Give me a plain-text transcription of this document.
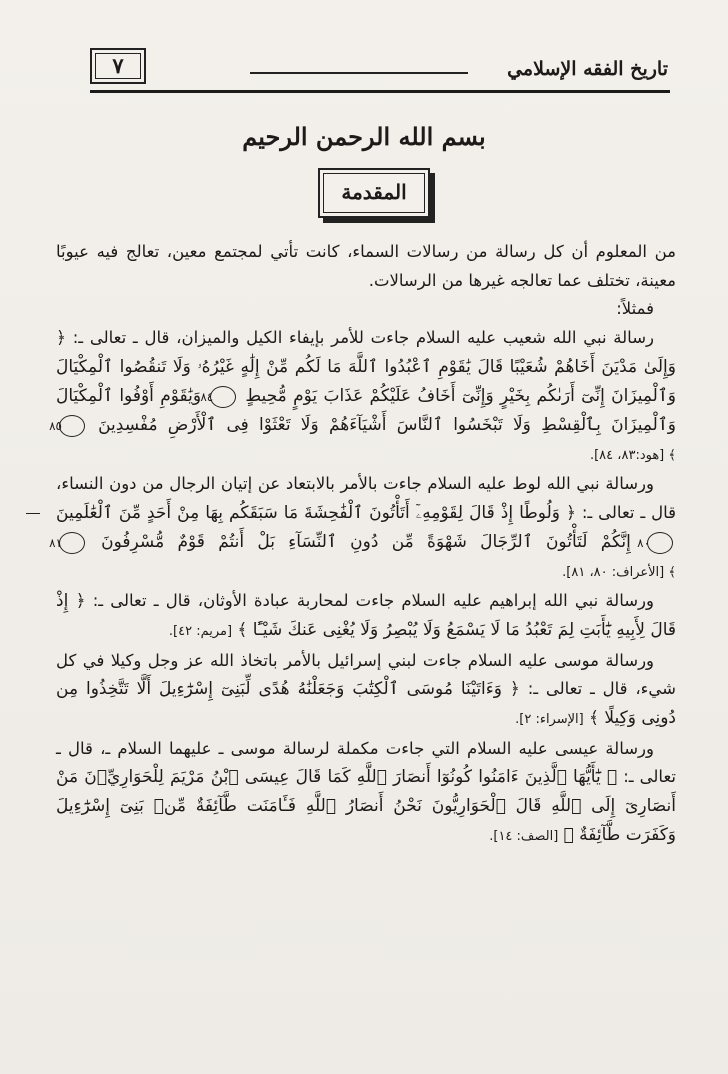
٧	تاريخ الفقه الإسلامي
بسم الله الرحمن الرحيم
المقدمة

من المعلوم أن كل رسالة من رسالات السماء، كانت تأتي لمجتمع معين، تعالج فيه عيوبًا معينة، تختلف عما تعالجه غيرها من الرسالات.

فمثلاً:

رسالة نبي الله شعيب عليه السلام جاءت للأمر بإيفاء الكيل والميزان، قال ـ تعالى ـ: ﴿ وَإِلَىٰ مَدْيَنَ أَخَاهُمْ شُعَيْبًا قَالَ يَٰقَوْمِ ٱعْبُدُوا ٱللَّهَ مَا لَكُم مِّنْ إِلَٰهٍ غَيْرُهُۥ وَلَا تَنقُصُوا ٱلْمِكْيَالَ وَٱلْمِيزَانَ إِنِّىٓ أَرَىٰكُم بِخَيْرٍ وَإِنِّىٓ أَخَافُ عَلَيْكُمْ عَذَابَ يَوْمٍ مُّحِيطٍ ٨٤ وَيَٰقَوْمِ أَوْفُوا ٱلْمِكْيَالَ وَٱلْمِيزَانَ بِٱلْقِسْطِ وَلَا تَبْخَسُوا ٱلنَّاسَ أَشْيَآءَهُمْ وَلَا تَعْثَوْا فِى ٱلْأَرْضِ مُفْسِدِينَ ٨٥ ﴾ [هود:٨٣، ٨٤].

ورسالة نبي الله لوط عليه السلام جاءت بالأمر بالابتعاد عن إتيان الرجال من دون النساء، قال ـ تعالى ـ: ﴿ وَلُوطًا إِذْ قَالَ لِقَوْمِهِۦٓ أَتَأْتُونَ ٱلْفَٰحِشَةَ مَا سَبَقَكُم بِهَا مِنْ أَحَدٍ مِّنَ ٱلْعَٰلَمِينَ ٨٠ إِنَّكُمْ لَتَأْتُونَ ٱلرِّجَالَ شَهْوَةً مِّن دُونِ ٱلنِّسَآءِ بَلْ أَنتُمْ قَوْمٌ مُّسْرِفُونَ ٨١ ﴾ [الأعراف: ٨٠، ٨١].

ورسالة نبي الله إبراهيم عليه السلام جاءت لمحاربة عبادة الأوثان، قال ـ تعالى ـ: ﴿ إِذْ قَالَ لِأَبِيهِ يَٰٓأَبَتِ لِمَ تَعْبُدُ مَا لَا يَسْمَعُ وَلَا يُبْصِرُ وَلَا يُغْنِى عَنكَ شَيْـًٔا ﴾ [مريم: ٤٢].

ورسالة موسى عليه السلام جاءت لبني إسرائيل بالأمر باتخاذ الله عز وجل وكيلا في كل شيء، قال ـ تعالى ـ: ﴿ وَءَاتَيْنَا مُوسَى ٱلْكِتَٰبَ وَجَعَلْنَٰهُ هُدًى لِّبَنِىٓ إِسْرَٰٓءِيلَ أَلَّا تَتَّخِذُوا مِن دُونِى وَكِيلًا ﴾ [الإسراء: ٢].

ورسالة عيسى عليه السلام التي جاءت مكملة لرسالة موسى ـ عليهما السلام ـ، قال ـ تعالى ـ: ﴿ يَٰٓأَيُّهَا ٱلَّذِينَ ءَامَنُوا كُونُوٓا أَنصَارَ ٱللَّهِ كَمَا قَالَ عِيسَى ٱبْنُ مَرْيَمَ لِلْحَوَارِيِّۦنَ مَنْ أَنصَارِىٓ إِلَى ٱللَّهِ قَالَ ٱلْحَوَارِيُّونَ نَحْنُ أَنصَارُ ٱللَّهِ فَـَٔامَنَت طَّآئِفَةٌ مِّنۢ بَنِىٓ إِسْرَٰٓءِيلَ وَكَفَرَت طَّآئِفَةٌ ﴾ [الصف: ١٤].
